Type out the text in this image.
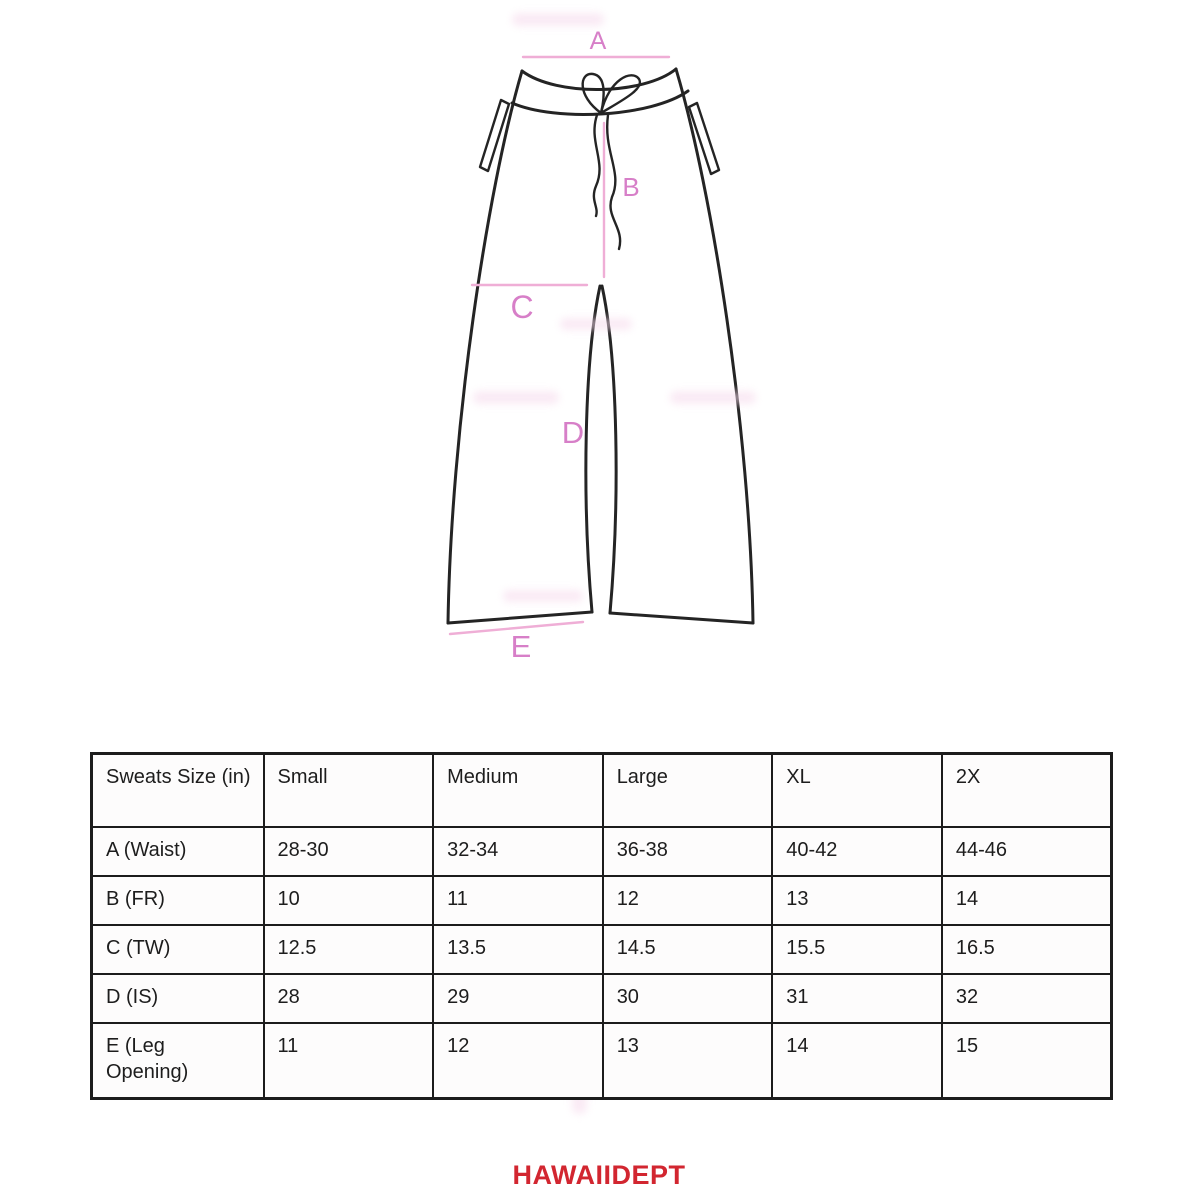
A
B
C
D
E
Sweats Size (in)	Small	Medium	Large	XL	2X
A (Waist)	28-30	32-34	36-38	40-42	44-46
B (FR)	10	11	12	13	14
C (TW)	12.5	13.5	14.5	15.5	16.5
D (IS)	28	29	30	31	32
E (Leg Opening)	11	12	13	14	15
HAWAIIDEPT
